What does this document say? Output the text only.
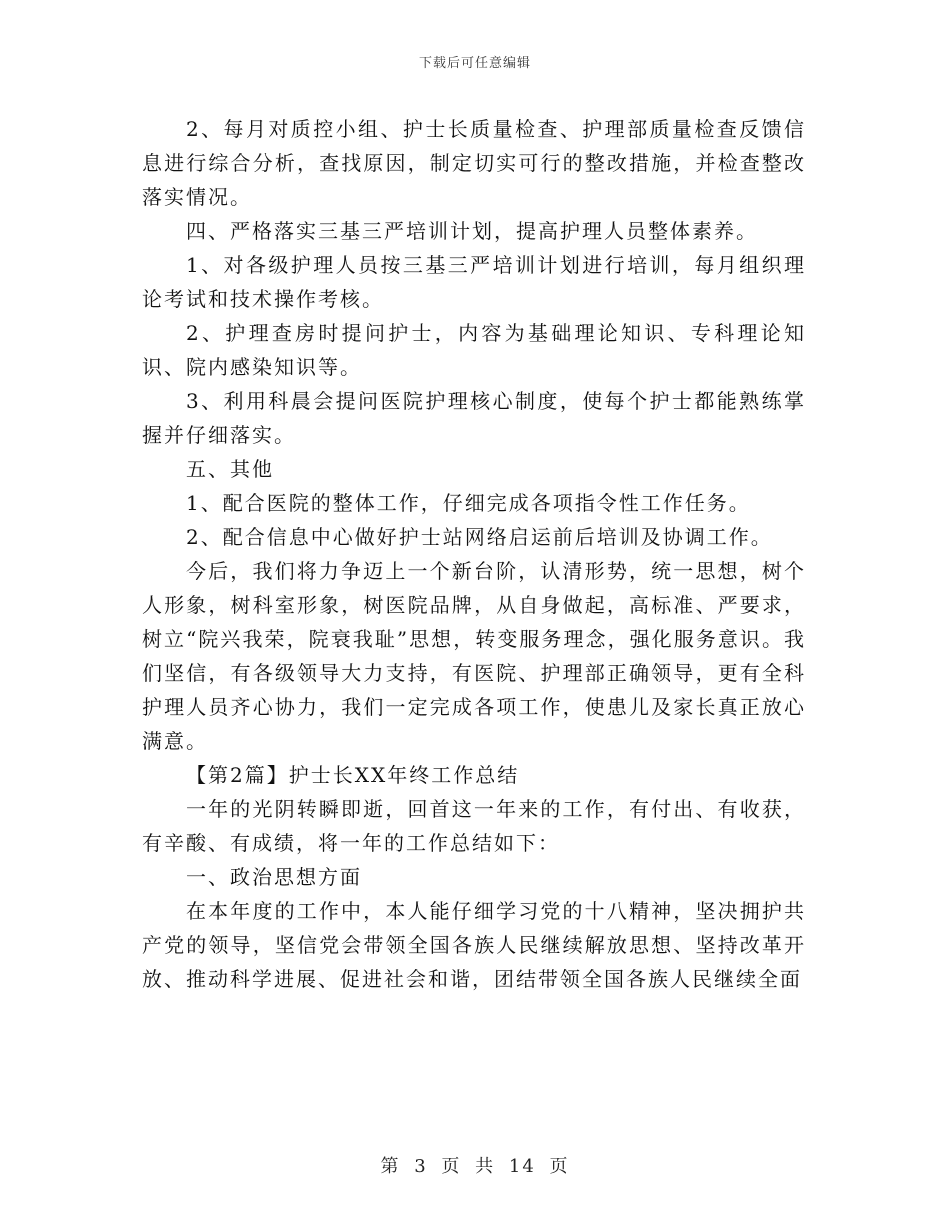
下载后可任意编辑

2、每月对质控小组、护士长质量检查、护理部质量检查反馈信息进行综合分析，查找原因，制定切实可行的整改措施，并检查整改落实情况。

四、严格落实三基三严培训计划，提高护理人员整体素养。

1、对各级护理人员按三基三严培训计划进行培训，每月组织理论考试和技术操作考核。

2、护理查房时提问护士，内容为基础理论知识、专科理论知识、院内感染知识等。

3、利用科晨会提问医院护理核心制度，使每个护士都能熟练掌握并仔细落实。

五、其他

1、配合医院的整体工作，仔细完成各项指令性工作任务。

2、配合信息中心做好护士站网络启运前后培训及协调工作。

今后，我们将力争迈上一个新台阶，认清形势，统一思想，树个人形象，树科室形象，树医院品牌，从自身做起，高标准、严要求，树立“院兴我荣，院衰我耻”思想，转变服务理念，强化服务意识。我们坚信，有各级领导大力支持，有医院、护理部正确领导，更有全科护理人员齐心协力，我们一定完成各项工作，使患儿及家长真正放心满意。

【第2篇】护士长XX年终工作总结

一年的光阴转瞬即逝，回首这一年来的工作，有付出、有收获，有辛酸、有成绩，将一年的工作总结如下：

一、政治思想方面

在本年度的工作中，本人能仔细学习党的十八精神，坚决拥护共产党的领导，坚信党会带领全国各族人民继续解放思想、坚持改革开放、推动科学进展、促进社会和谐，团结带领全国各族人民继续全面

第 3 页 共 14 页
